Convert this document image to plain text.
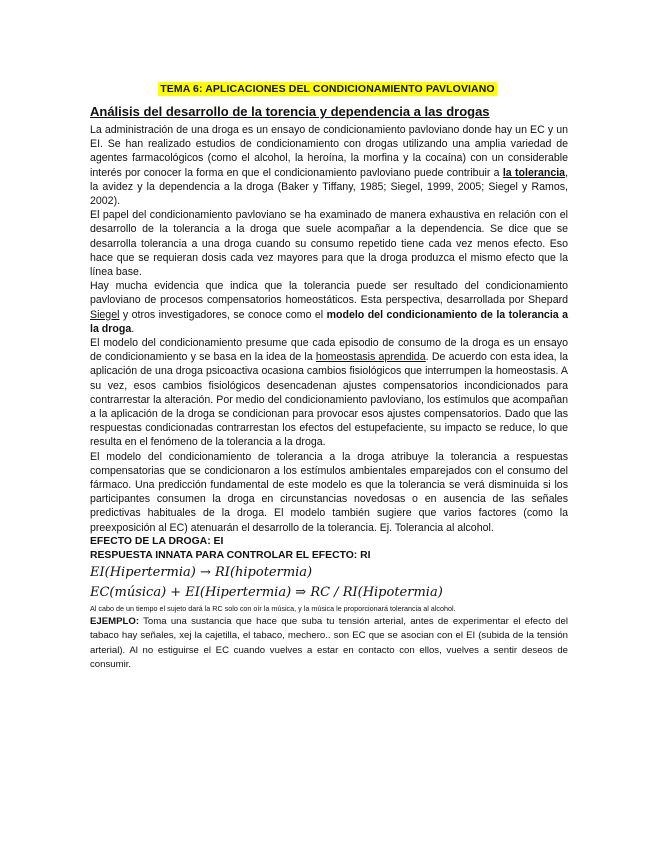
TEMA 6: APLICACIONES DEL CONDICIONAMIENTO PAVLOVIANO
Análisis del desarrollo de la torencia y dependencia a las drogas

La administración de una droga es un ensayo de condicionamiento pavloviano donde hay un EC y un EI. Se han realizado estudios de condicionamiento con drogas utilizando una amplia variedad de agentes farmacológicos (como el alcohol, la heroína, la morfina y la cocaína) con un considerable interés por conocer la forma en que el condicionamiento pavloviano puede contribuir a la tolerancia, la avidez y la dependencia a la droga (Baker y Tiffany, 1985; Siegel, 1999, 2005; Siegel y Ramos, 2002).

El papel del condicionamiento pavloviano se ha examinado de manera exhaustiva en relación con el desarrollo de la tolerancia a la droga que suele acompañar a la dependencia. Se dice que se desarrolla tolerancia a una droga cuando su consumo repetido tiene cada vez menos efecto. Eso hace que se requieran dosis cada vez mayores para que la droga produzca el mismo efecto que la línea base.

Hay mucha evidencia que indica que la tolerancia puede ser resultado del condicionamiento pavloviano de procesos compensatorios homeostáticos. Esta perspectiva, desarrollada por Shepard Siegel y otros investigadores, se conoce como el modelo del condicionamiento de la tolerancia a la droga.

El modelo del condicionamiento presume que cada episodio de consumo de la droga es un ensayo de condicionamiento y se basa en la idea de la homeostasis aprendida. De acuerdo con esta idea, la aplicación de una droga psicoactiva ocasiona cambios fisiológicos que interrumpen la homeostasis. A su vez, esos cambios fisiológicos desencadenan ajustes compensatorios incondicionados para contrarrestar la alteración. Por medio del condicionamiento pavloviano, los estímulos que acompañan a la aplicación de la droga se condicionan para provocar esos ajustes compensatorios. Dado que las respuestas condicionadas contrarrestan los efectos del estupefaciente, su impacto se reduce, lo que resulta en el fenómeno de la tolerancia a la droga.

El modelo del condicionamiento de tolerancia a la droga atribuye la tolerancia a respuestas compensatorias que se condicionaron a los estímulos ambientales emparejados con el consumo del fármaco. Una predicción fundamental de este modelo es que la tolerancia se verá disminuida si los participantes consumen la droga en circunstancias novedosas o en ausencia de las señales predictivas habituales de la droga. El modelo también sugiere que varios factores (como la preexposición al EC) atenuarán el desarrollo de la tolerancia. Ej. Tolerancia al alcohol.

EFECTO DE LA DROGA: EI
RESPUESTA INNATA PARA CONTROLAR EL EFECTO: RI

EI(Hipertermia) → RI(hipotermia)

EC(música) + EI(Hipertermia) ⇒ RC / RI(Hipotermia)

Al cabo de un tiempo el sujeto dará la RC solo con oír la música, y la música le proporcionará tolerancia al alcohol.

EJEMPLO: Toma una sustancia que hace que suba tu tensión arterial, antes de experimentar el efecto del tabaco hay señales, xej la cajetilla, el tabaco, mechero.. son EC que se asocian con el EI (subida de la tensión arterial). Al no estiguirse el EC cuando vuelves a estar en contacto con ellos, vuelves a sentir deseos de consumir.
